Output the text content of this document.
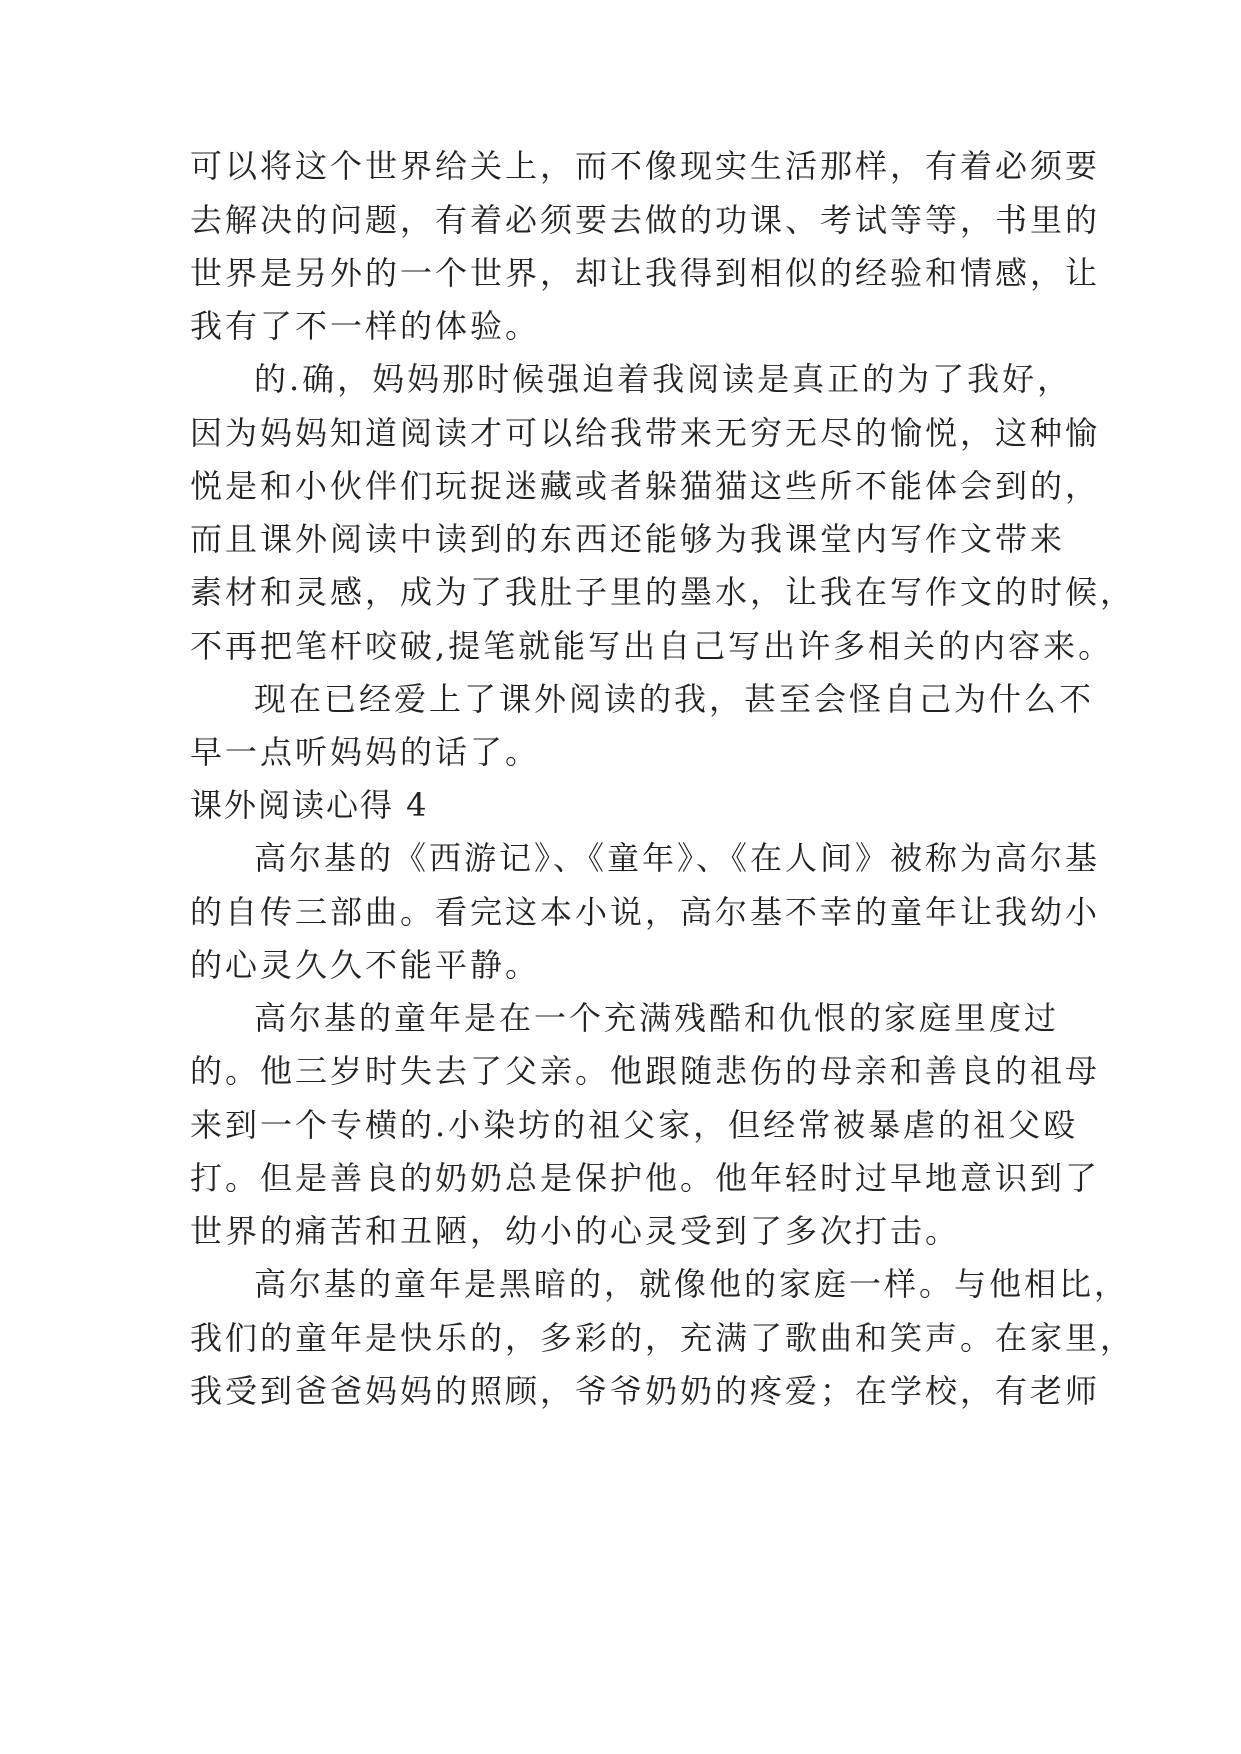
可以将这个世界给关上，而不像现实生活那样，有着必须要
去解决的问题，有着必须要去做的功课、考试等等，书里的
世界是另外的一个世界，却让我得到相似的经验和情感，让
我有了不一样的体验。
的.确，妈妈那时候强迫着我阅读是真正的为了我好，
因为妈妈知道阅读才可以给我带来无穷无尽的愉悦，这种愉
悦是和小伙伴们玩捉迷藏或者躲猫猫这些所不能体会到的，
而且课外阅读中读到的东西还能够为我课堂内写作文带来
素材和灵感，成为了我肚子里的墨水，让我在写作文的时候，
不再把笔杆咬破,提笔就能写出自己写出许多相关的内容来。
现在已经爱上了课外阅读的我，甚至会怪自己为什么不
早一点听妈妈的话了。
课外阅读心得 4
高尔基的《西游记》、《童年》、《在人间》被称为高尔基
的自传三部曲。看完这本小说，高尔基不幸的童年让我幼小
的心灵久久不能平静。
高尔基的童年是在一个充满残酷和仇恨的家庭里度过
的。他三岁时失去了父亲。他跟随悲伤的母亲和善良的祖母
来到一个专横的.小染坊的祖父家，但经常被暴虐的祖父殴
打。但是善良的奶奶总是保护他。他年轻时过早地意识到了
世界的痛苦和丑陋，幼小的心灵受到了多次打击。
高尔基的童年是黑暗的，就像他的家庭一样。与他相比，
我们的童年是快乐的，多彩的，充满了歌曲和笑声。在家里，
我受到爸爸妈妈的照顾，爷爷奶奶的疼爱；在学校，有老师
